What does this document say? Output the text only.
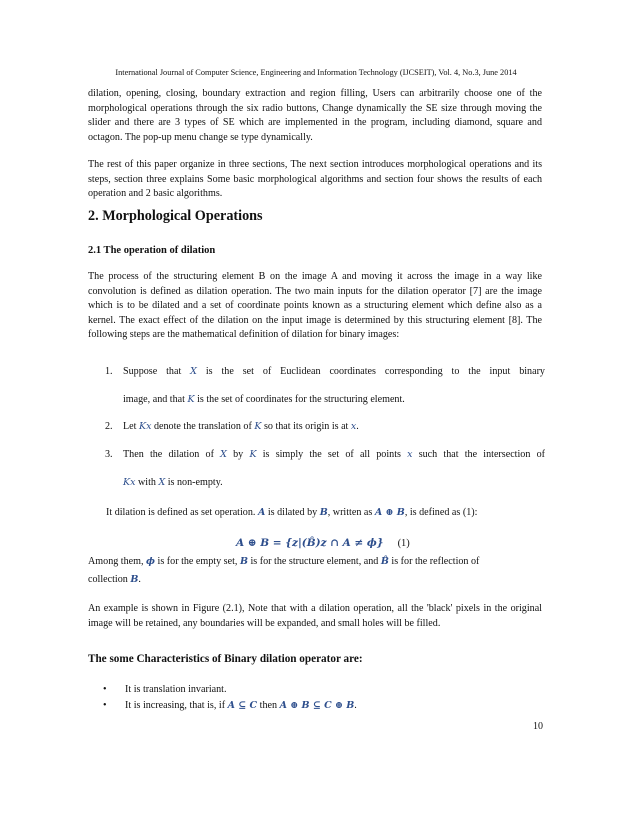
International Journal of Computer Science, Engineering and Information Technology (IJCSEIT), Vol. 4, No.3, June 2014

dilation, opening, closing, boundary extraction and region filling, Users can arbitrarily choose one of the morphological operations through the six radio buttons, Change dynamically the SE size through moving the slider and there are 3 types of SE which are implemented in the program, including diamond, square and octagon. The pop-up menu change se type dynamically.

The rest of this paper organize in three sections, The next section introduces morphological operations and its steps, section three explains Some basic morphological algorithms and section four shows the results of each operation and 2 basic algorithms.

2. Morphological Operations
2.1 The operation of dilation

The process of the structuring element B on the image A and moving it across the image in a way like convolution is defined as dilation operation. The two main inputs for the dilation operator [7] are the image which is to be dilated and a set of coordinate points known as a structuring element which define also as a kernel. The exact effect of the dilation on the input image is determined by this structuring element [8]. The following steps are the mathematical definition of dilation for binary images:

1. Suppose that X is the set of Euclidean coordinates corresponding to the input binary
image, and that K is the set of coordinates for the structuring element.
2. Let Kx denote the translation of K so that its origin is at x.
3. Then the dilation of X by K is simply the set of all points x such that the intersection of
Kx with X is non-empty.
It dilation is defined as set operation. A is dilated by B, written as A ⊕ B, is defined as (1):
A ⊕ B = {z|(B̂)z ∩ A ≠ ϕ} (1)
Among them, ϕ is for the empty set, B is for the structure element, and B̂ is for the reflection of
collection B.

An example is shown in Figure (2.1), Note that with a dilation operation, all the 'black' pixels in the original image will be retained, any boundaries will be expanded, and small holes will be filled.

The some Characteristics of Binary dilation operator are:
• It is translation invariant.
• It is increasing, that is, if A ⊆ C then A ⊕ B ⊆ C ⊕ B.
10
